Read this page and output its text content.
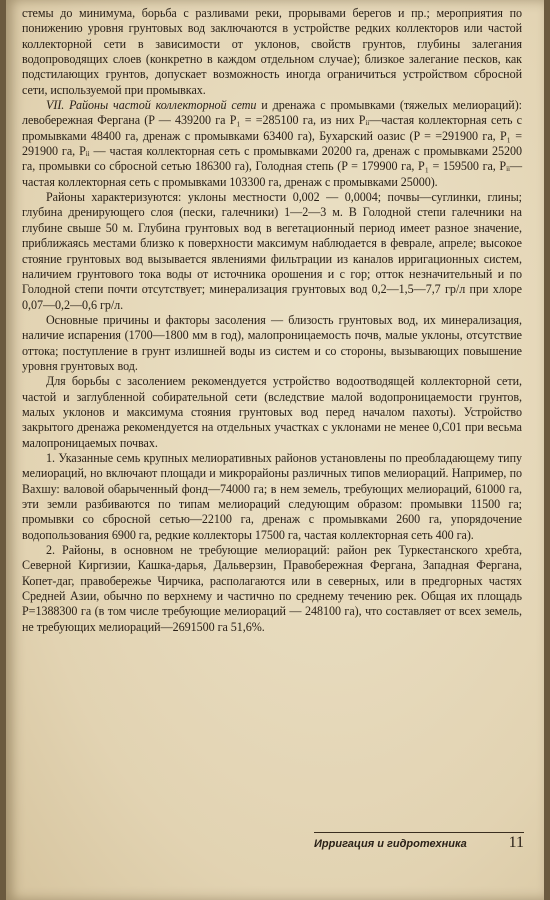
стемы до минимума, борьба с разливами реки, прорывами берегов и пр.; мероприятия по понижению уровня грунтовых вод заключаются в устройстве редких коллекторов или частой коллекторной сети в зависимости от уклонов, свойств грунтов, глубины залегания водопроводящих слоев (конкретно в каждом отдельном случае); близкое залегание песков, как подстилающих грунтов, допускает возможность иногда ограничиться устройством сбросной сети, используемой при промывках.

VII. Районы частой коллекторной сети и дренажа с промывками (тяжелых мелиораций): левобережная Фергана (P — 439200 га P₁ = =285100 га, из них Pᵢᵢ—частая коллекторная сеть с промывками 48400 га, дренаж с промывками 63400 га), Бухарский оазис (P = =291900 га, P₁ = 291900 га, Pᵢᵢ — частая коллекторная сеть с промывками 20200 га, дренаж с промывками 25200 га, промывки со сбросной сетью 186300 га), Голодная степь (P = 179900 га, P₁ = 159500 га, Pᵢᵢ— частая коллекторная сеть с промывками 103300 га, дренаж с промывками 25000).

Районы характеризуются: уклоны местности 0,002 — 0,0004; почвы—суглинки, глины; глубина дренирующего слоя (пески, галечники) 1—2—3 м. В Голодной степи галечники на глубине свыше 50 м. Глубина грунтовых вод в вегетационный период имеет разное значение, приближаясь местами близко к поверхности максимум наблюдается в феврале, апреле; высокое стояние грунтовых вод вызывается явлениями фильтрации из каналов ирригационных систем, наличием грунтового тока воды от источника орошения и с гор; отток незначительный и по Голодной степи почти отсутствует; минерализация грунтовых вод 0,2—1,5—7,7 гр/л при хлоре 0,07—0,2—0,6 гр/л.

Основные причины и факторы засоления — близость грунтовых вод, их минерализация, наличие испарения (1700—1800 мм в год), малопроницаемость почв, малые уклоны, отсутствие оттока; поступление в грунт излишней воды из систем и со стороны, вызывающих повышение уровня грунтовых вод.

Для борьбы с засолением рекомендуется устройство водоотводящей коллекторной сети, частой и заглубленной собирательной сети (вследствие малой водопроницаемости грунтов, малых уклонов и максимума стояния грунтовых вод перед началом пахоты). Устройство закрытого дренажа рекомендуется на отдельных участках с уклонами не менее 0,С01 при весьма малопроницаемых почвах.

1. Указанные семь крупных мелиоративных районов установлены по преобладающему типу мелиораций, но включают площади и микрорайоны различных типов мелиораций. Например, по Вахшу: валовой обарыченный фонд—74000 га; в нем земель, требующих мелиораций, 61000 га, эти земли разбиваются по типам мелиораций следующим образом: промывки 11500 га; промывки со сбросной сетью—22100 га, дренаж с промывками 2600 га, упорядочение водопользования 6900 га, редкие коллекторы 17500 га, частая коллекторная сеть 400 га).

2. Районы, в основном не требующие мелиораций: район рек Туркестанского хребта, Северной Киргизии, Кашка-дарья, Дальверзин, Правобережная Фергана, Западная Фергана, Копет-даг, правобережье Чирчика, располагаются или в северных, или в предгорных частях Средней Азии, обычно по верхнему и частично по среднему течению рек. Общая их площадь P=1388300 га (в том числе требующие мелиораций — 248100 га), что составляет от всех земель, не требующих мелиораций—2691500 га 51,6%.

Ирригация и гидротехника	11
